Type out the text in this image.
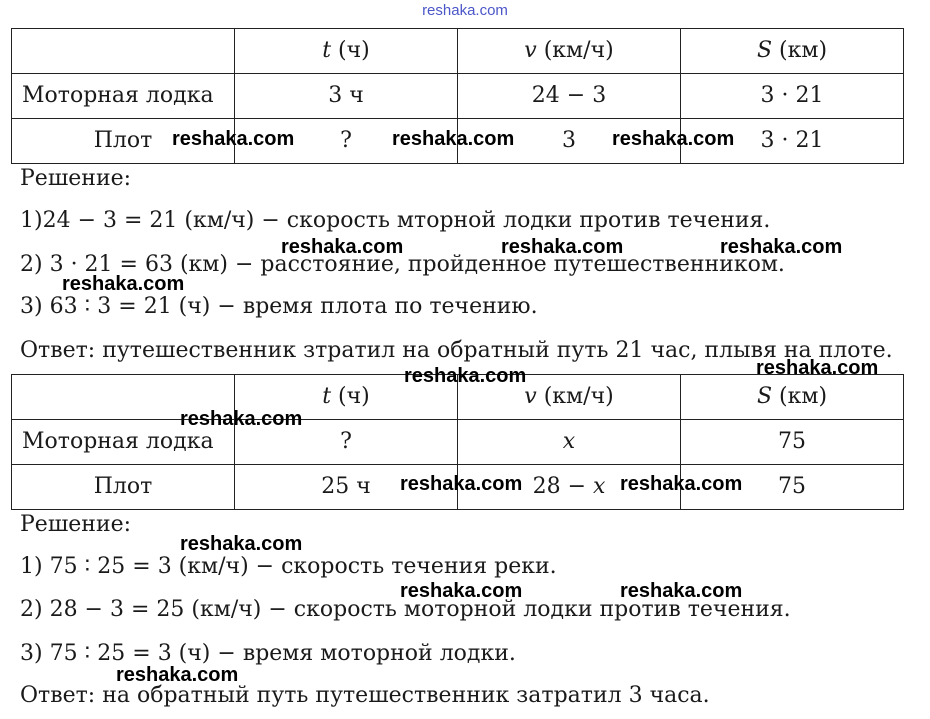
reshaka.com
	t (ч)	v (км/ч)	S (км)
Моторная лодка	3 ч	24 − 3	3 · 21
Плот	?	3	3 · 21
Решение:
1)24 − 3 = 21 (км/ч) − скорость мторной лодки против течения.
2) 3 · 21 = 63 (км) − расстояние, пройденное путешественником.
3) 63 ∶ 3 = 21 (ч) − время плота по течению.
Ответ: путешественник зтратил на обратный путь 21 час, плывя на плоте.
	t (ч)	v (км/ч)	S (км)
Моторная лодка	?	x	75
Плот	25 ч	28 − x	75
Решение:
1) 75 ∶ 25 = 3 (км/ч) − скорость течения реки.
2) 28 − 3 = 25 (км/ч) − скорость моторной лодки против течения.
3) 75 ∶ 25 = 3 (ч) − время моторной лодки.
Ответ: на обратный путь путешественник затратил 3 часа.
reshaka.com	reshaka.com	reshaka.com
reshaka.com	reshaka.com	reshaka.com
reshaka.com
reshaka.com
reshaka.com
reshaka.com
reshaka.com	reshaka.com
reshaka.com
reshaka.com	reshaka.com
reshaka.com
